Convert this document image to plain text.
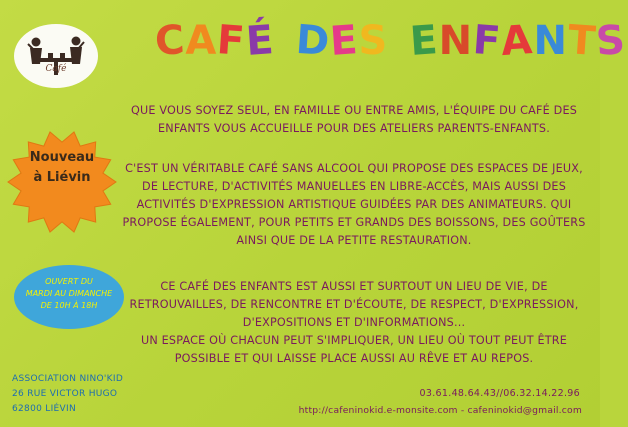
Café
CAFÉ DES ENFANTS
QUE VOUS SOYEZ SEUL, EN FAMILLE OU ENTRE AMIS, L'ÉQUIPE DU CAFÉ DES
ENFANTS VOUS ACCUEILLE POUR DES ATELIERS PARENTS-ENFANTS.
C'EST UN VÉRITABLE CAFÉ SANS ALCOOL QUI PROPOSE DES ESPACES DE JEUX,
DE LECTURE, D'ACTIVITÉS MANUELLES EN LIBRE-ACCÈS, MAIS AUSSI DES
ACTIVITÉS D'EXPRESSION ARTISTIQUE GUIDÉES PAR DES ANIMATEURS. QUI
PROPOSE ÉGALEMENT, POUR PETITS ET GRANDS DES BOISSONS, DES GOÛTERS
AINSI QUE DE LA PETITE RESTAURATION.
CE CAFÉ DES ENFANTS EST AUSSI ET SURTOUT UN LIEU DE VIE, DE
RETROUVAILLES, DE RENCONTRE ET D'ÉCOUTE, DE RESPECT, D'EXPRESSION,
D'EXPOSITIONS ET D'INFORMATIONS...
UN ESPACE OÙ CHACUN PEUT S'IMPLIQUER, UN LIEU OÙ TOUT PEUT ÊTRE
POSSIBLE ET QUI LAISSE PLACE AUSSI AU RÊVE ET AU REPOS.
Nouveau
à Liévin
OUVERT DU
MARDI AU DIMANCHE
DE 10H À 18H
ASSOCIATION NINO'KID
26 RUE VICTOR HUGO
62800 LIÉVIN
03.61.48.64.43//06.32.14.22.96
http://cafeninokid.e-monsite.com - cafeninokid@gmail.com
